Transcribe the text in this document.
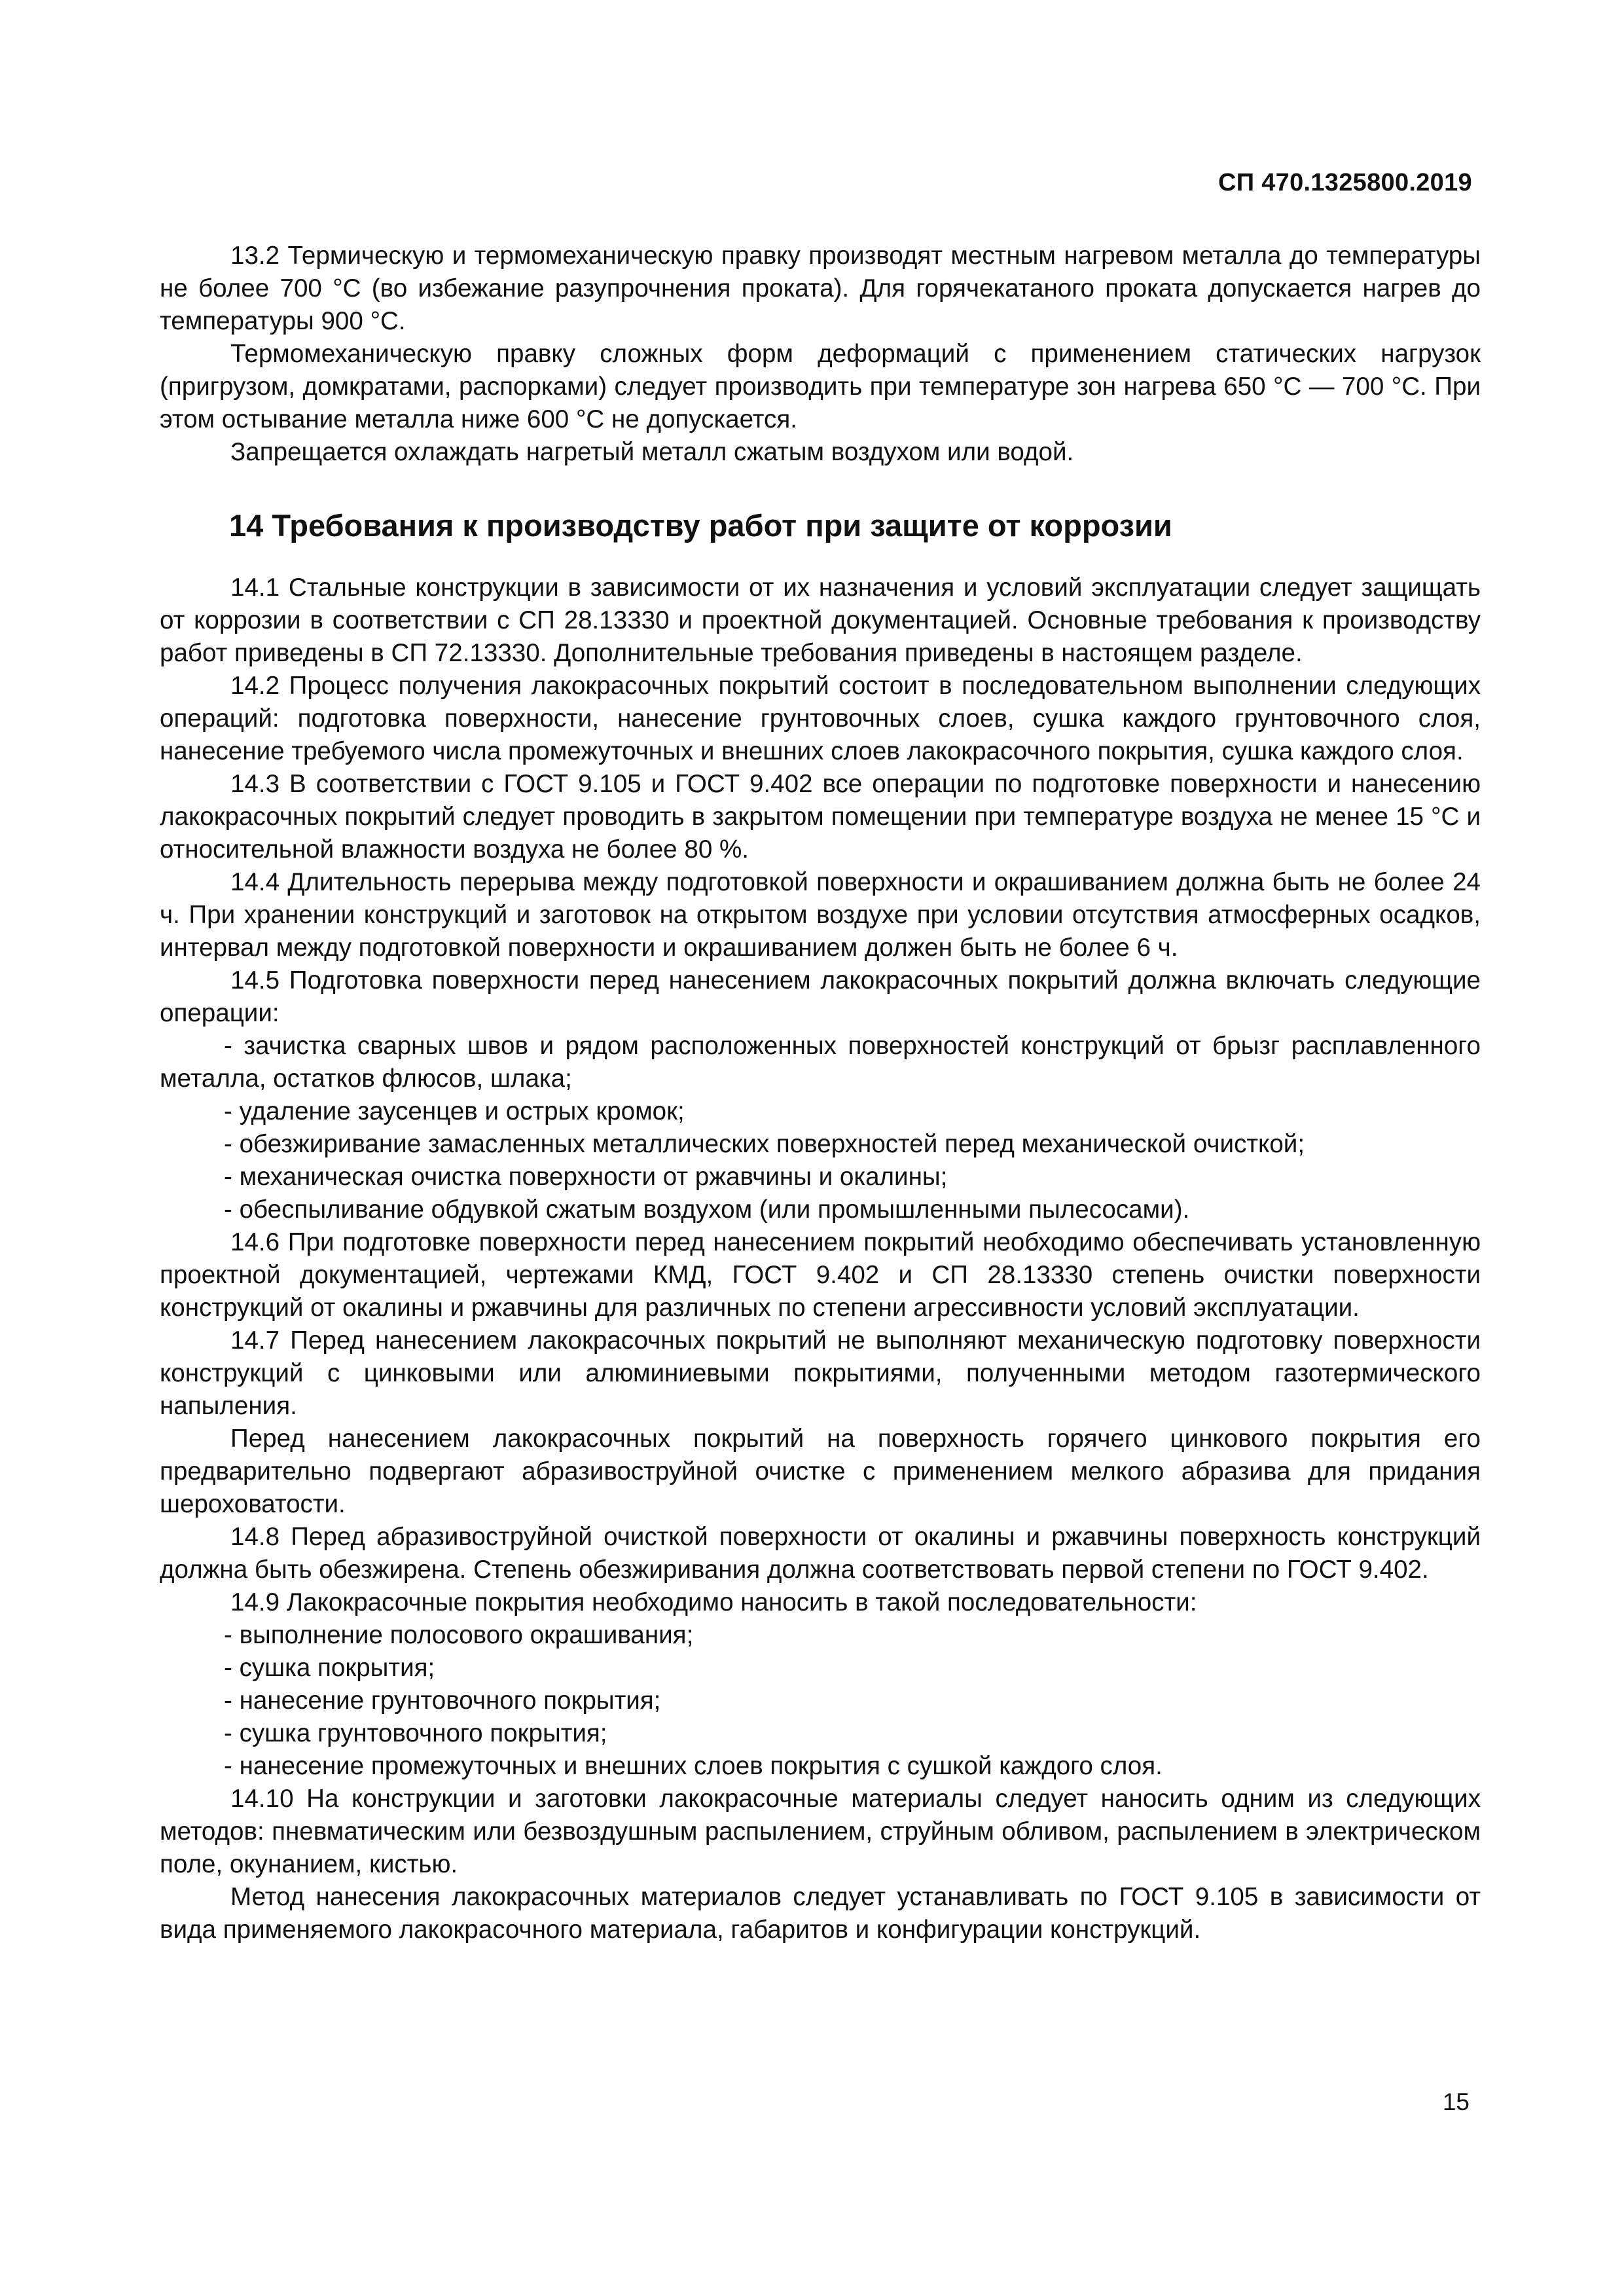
СП 470.1325800.2019

13.2 Термическую и термомеханическую правку производят местным нагревом металла до температуры не более 700 °С (во избежание разупрочнения проката). Для горячекатаного проката допускается нагрев до температуры 900 °С.

Термомеханическую правку сложных форм деформаций с применением статических нагрузок (пригрузом, домкратами, распорками) следует производить при температуре зон нагрева 650 °С — 700 °С. При этом остывание металла ниже 600 °С не допускается.

Запрещается охлаждать нагретый металл сжатым воздухом или водой.

14 Требования к производству работ при защите от коррозии

14.1 Стальные конструкции в зависимости от их назначения и условий эксплуатации следует защищать от коррозии в соответствии с СП 28.13330 и проектной документацией. Основные требования к производству работ приведены в СП 72.13330. Дополнительные требования приведены в настоящем разделе.

14.2 Процесс получения лакокрасочных покрытий состоит в последовательном выполнении следующих операций: подготовка поверхности, нанесение грунтовочных слоев, сушка каждого грунтовочного слоя, нанесение требуемого числа промежуточных и внешних слоев лакокрасочного покрытия, сушка каждого слоя.

14.3 В соответствии с ГОСТ 9.105 и ГОСТ 9.402 все операции по подготовке поверхности и нанесению лакокрасочных покрытий следует проводить в закрытом помещении при температуре воздуха не менее 15 °С и относительной влажности воздуха не более 80 %.

14.4 Длительность перерыва между подготовкой поверхности и окрашиванием должна быть не более 24 ч. При хранении конструкций и заготовок на открытом воздухе при условии отсутствия атмосферных осадков, интервал между подготовкой поверхности и окрашиванием должен быть не более 6 ч.

14.5 Подготовка поверхности перед нанесением лакокрасочных покрытий должна включать следующие операции:

- зачистка сварных швов и рядом расположенных поверхностей конструкций от брызг расплавленного металла, остатков флюсов, шлака;

- удаление заусенцев и острых кромок;

- обезжиривание замасленных металлических поверхностей перед механической очисткой;

- механическая очистка поверхности от ржавчины и окалины;

- обеспыливание обдувкой сжатым воздухом (или промышленными пылесосами).

14.6 При подготовке поверхности перед нанесением покрытий необходимо обеспечивать установленную проектной документацией, чертежами КМД, ГОСТ 9.402 и СП 28.13330 степень очистки поверхности конструкций от окалины и ржавчины для различных по степени агрессивности условий эксплуатации.

14.7 Перед нанесением лакокрасочных покрытий не выполняют механическую подготовку поверхности конструкций с цинковыми или алюминиевыми покрытиями, полученными методом газотермического напыления.

Перед нанесением лакокрасочных покрытий на поверхность горячего цинкового покрытия его предварительно подвергают абразивоструйной очистке с применением мелкого абразива для придания шероховатости.

14.8 Перед абразивоструйной очисткой поверхности от окалины и ржавчины поверхность конструкций должна быть обезжирена. Степень обезжиривания должна соответствовать первой степени по ГОСТ 9.402.

14.9 Лакокрасочные покрытия необходимо наносить в такой последовательности:

- выполнение полосового окрашивания;

- сушка покрытия;

- нанесение грунтовочного покрытия;

- сушка грунтовочного покрытия;

- нанесение промежуточных и внешних слоев покрытия с сушкой каждого слоя.

14.10 На конструкции и заготовки лакокрасочные материалы следует наносить одним из следующих методов: пневматическим или безвоздушным распылением, струйным обливом, распылением в электрическом поле, окунанием, кистью.

Метод нанесения лакокрасочных материалов следует устанавливать по ГОСТ 9.105 в зависимости от вида применяемого лакокрасочного материала, габаритов и конфигурации конструкций.

15
